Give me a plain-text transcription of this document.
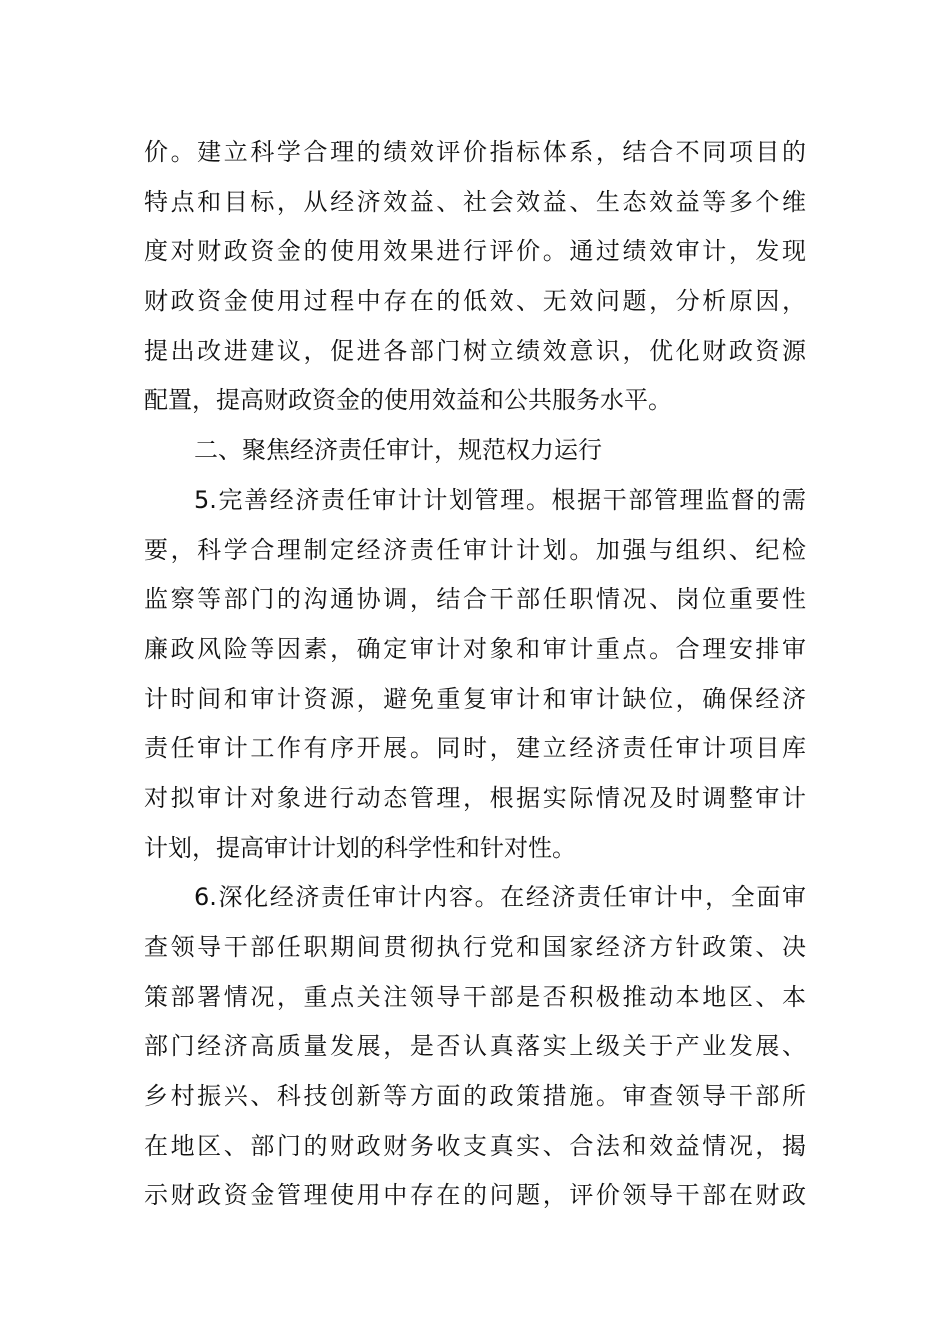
价。建立科学合理的绩效评价指标体系，结合不同项目的
特点和目标，从经济效益、社会效益、生态效益等多个维
度对财政资金的使用效果进行评价。通过绩效审计，发现
财政资金使用过程中存在的低效、无效问题，分析原因，
提出改进建议，促进各部门树立绩效意识，优化财政资源
配置，提高财政资金的使用效益和公共服务水平。
二、聚焦经济责任审计，规范权力运行
5.完善经济责任审计计划管理。根据干部管理监督的需
要，科学合理制定经济责任审计计划。加强与组织、纪检
监察等部门的沟通协调，结合干部任职情况、岗位重要性
廉政风险等因素，确定审计对象和审计重点。合理安排审
计时间和审计资源，避免重复审计和审计缺位，确保经济
责任审计工作有序开展。同时，建立经济责任审计项目库
对拟审计对象进行动态管理，根据实际情况及时调整审计
计划，提高审计计划的科学性和针对性。
6.深化经济责任审计内容。在经济责任审计中，全面审
查领导干部任职期间贯彻执行党和国家经济方针政策、决
策部署情况，重点关注领导干部是否积极推动本地区、本
部门经济高质量发展，是否认真落实上级关于产业发展、
乡村振兴、科技创新等方面的政策措施。审查领导干部所
在地区、部门的财政财务收支真实、合法和效益情况，揭
示财政资金管理使用中存在的问题，评价领导干部在财政
